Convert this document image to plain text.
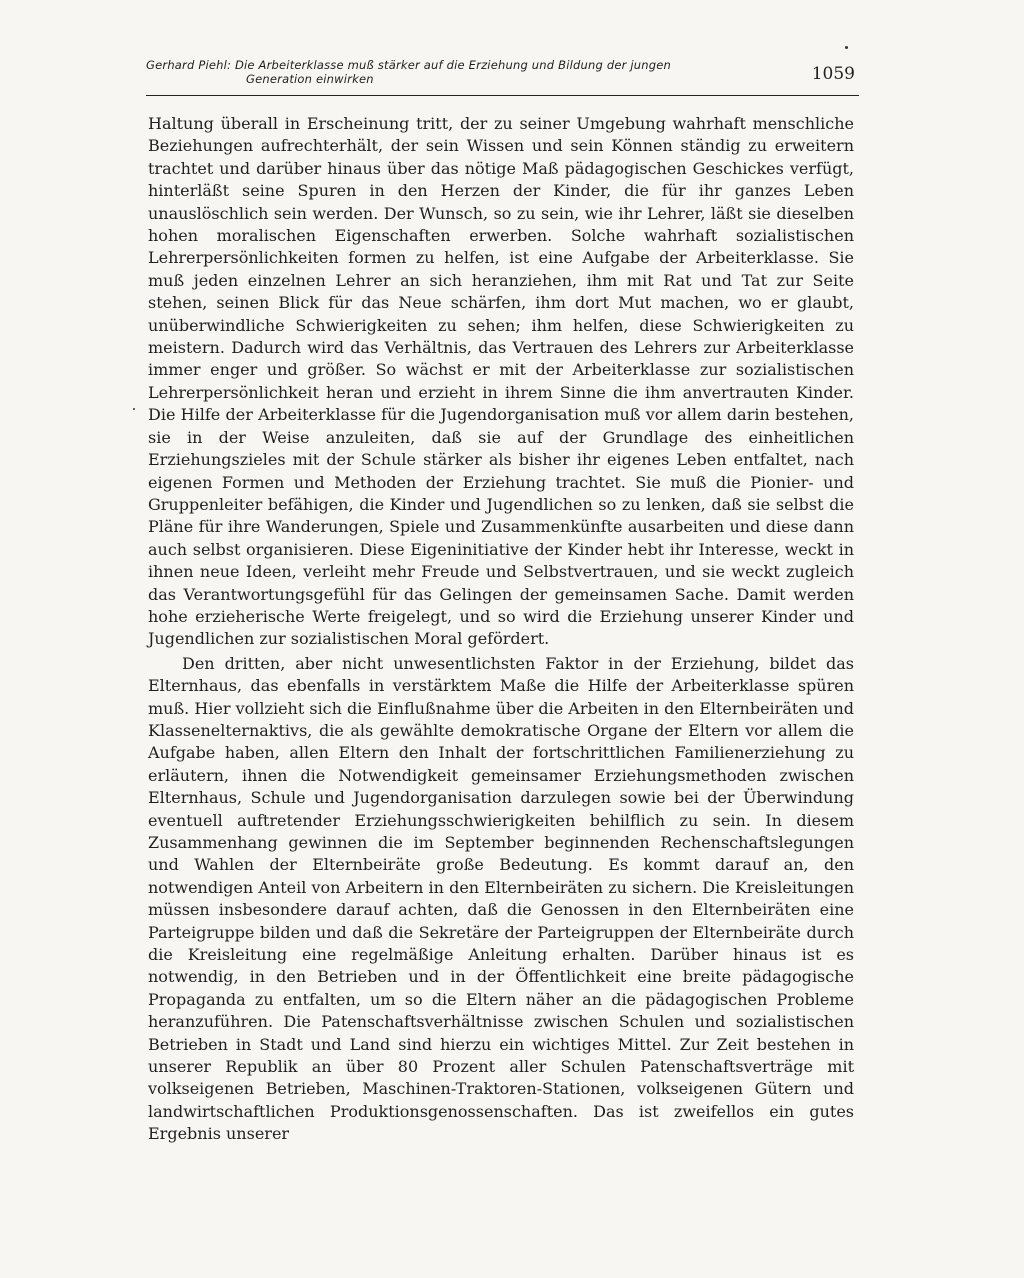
Gerhard Piehl: Die Arbeiterklasse muß stärker auf die Erziehung und Bildung der jungen
Generation einwirken	1059

Haltung überall in Erscheinung tritt, der zu seiner Umgebung wahrhaft menschliche Beziehungen aufrechterhält, der sein Wissen und sein Können ständig zu erweitern trachtet und darüber hinaus über das nötige Maß pädagogischen Geschickes verfügt, hinterläßt seine Spuren in den Herzen der Kinder, die für ihr ganzes Leben unauslöschlich sein werden. Der Wunsch, so zu sein, wie ihr Lehrer, läßt sie dieselben hohen moralischen Eigenschaften erwerben. Solche wahrhaft sozialistischen Lehrerpersönlichkeiten formen zu helfen, ist eine Aufgabe der Arbeiterklasse. Sie muß jeden einzelnen Lehrer an sich heranziehen, ihm mit Rat und Tat zur Seite stehen, seinen Blick für das Neue schärfen, ihm dort Mut machen, wo er glaubt, unüberwindliche Schwierigkeiten zu sehen; ihm helfen, diese Schwierigkeiten zu meistern. Dadurch wird das Verhältnis, das Vertrauen des Lehrers zur Arbeiterklasse immer enger und größer. So wächst er mit der Arbeiterklasse zur sozialistischen Lehrerpersönlichkeit heran und erzieht in ihrem Sinne die ihm anvertrauten Kinder. Die Hilfe der Arbeiterklasse für die Jugendorganisation muß vor allem darin bestehen, sie in der Weise anzuleiten, daß sie auf der Grundlage des einheitlichen Erziehungszieles mit der Schule stärker als bisher ihr eigenes Leben entfaltet, nach eigenen Formen und Methoden der Erziehung trachtet. Sie muß die Pionier- und Gruppenleiter befähigen, die Kinder und Jugendlichen so zu lenken, daß sie selbst die Pläne für ihre Wanderungen, Spiele und Zusammenkünfte ausarbeiten und diese dann auch selbst organisieren. Diese Eigeninitiative der Kinder hebt ihr Interesse, weckt in ihnen neue Ideen, verleiht mehr Freude und Selbstvertrauen, und sie weckt zugleich das Verantwortungsgefühl für das Gelingen der gemeinsamen Sache. Damit werden hohe erzieherische Werte freigelegt, und so wird die Erziehung unserer Kinder und Jugendlichen zur sozialistischen Moral gefördert.

Den dritten, aber nicht unwesentlichsten Faktor in der Erziehung, bildet das Elternhaus, das ebenfalls in verstärktem Maße die Hilfe der Arbeiterklasse spüren muß. Hier vollzieht sich die Einflußnahme über die Arbeiten in den Elternbeiräten und Klassenelternaktivs, die als gewählte demokratische Organe der Eltern vor allem die Aufgabe haben, allen Eltern den Inhalt der fortschrittlichen Familienerziehung zu erläutern, ihnen die Notwendigkeit gemeinsamer Erziehungsmethoden zwischen Elternhaus, Schule und Jugendorganisation darzulegen sowie bei der Überwindung eventuell auftretender Erziehungsschwierigkeiten behilflich zu sein. In diesem Zusammenhang gewinnen die im September beginnenden Rechenschaftslegungen und Wahlen der Elternbeiräte große Bedeutung. Es kommt darauf an, den notwendigen Anteil von Arbeitern in den Elternbeiräten zu sichern. Die Kreisleitungen müssen insbesondere darauf achten, daß die Genossen in den Elternbeiräten eine Parteigruppe bilden und daß die Sekretäre der Parteigruppen der Elternbeiräte durch die Kreisleitung eine regelmäßige Anleitung erhalten. Darüber hinaus ist es notwendig, in den Betrieben und in der Öffentlichkeit eine breite pädagogische Propaganda zu entfalten, um so die Eltern näher an die pädagogischen Probleme heranzuführen. Die Patenschaftsverhältnisse zwischen Schulen und sozialistischen Betrieben in Stadt und Land sind hierzu ein wichtiges Mittel. Zur Zeit bestehen in unserer Republik an über 80 Prozent aller Schulen Patenschaftsverträge mit volkseigenen Betrieben, Maschinen-Traktoren-Stationen, volkseigenen Gütern und landwirtschaftlichen Produktionsgenossenschaften. Das ist zweifellos ein gutes Ergebnis unserer
